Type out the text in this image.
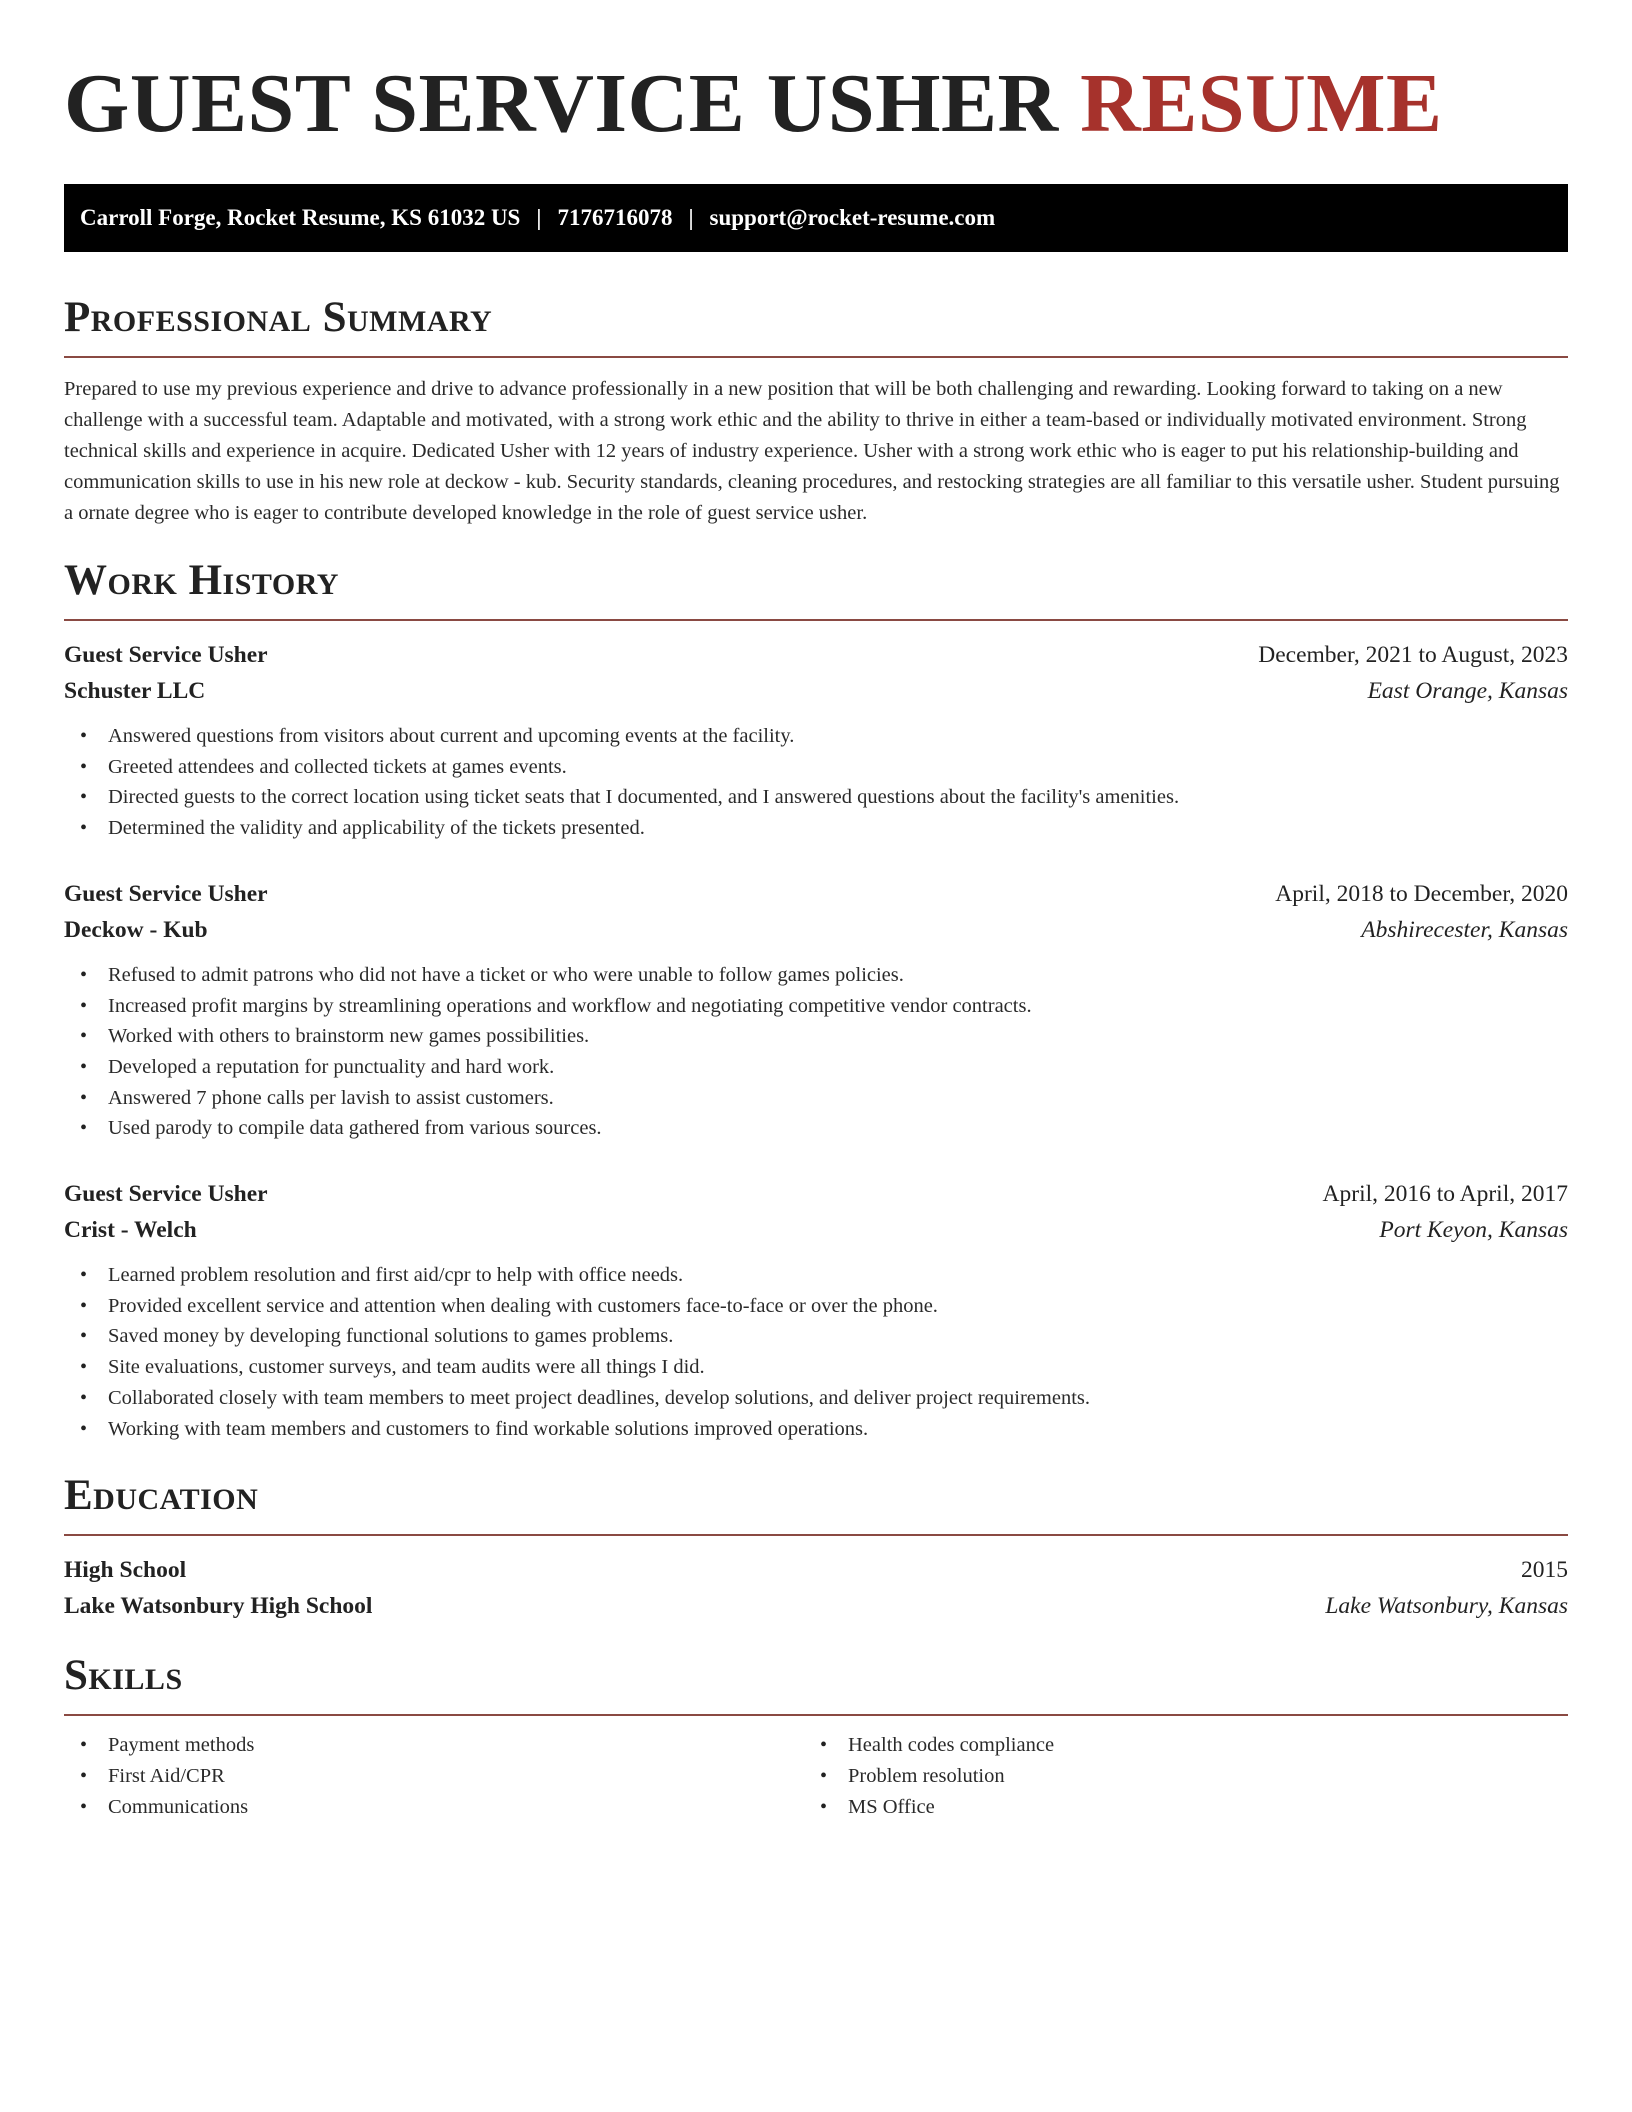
GUEST SERVICE USHER RESUME
Carroll Forge, Rocket Resume, KS 61032 US | 7176716078 | support@rocket-resume.com
Professional Summary

Prepared to use my previous experience and drive to advance professionally in a new position that will be both challenging and rewarding. Looking forward to taking on a new challenge with a successful team. Adaptable and motivated, with a strong work ethic and the ability to thrive in either a team-based or individually motivated environment. Strong technical skills and experience in acquire. Dedicated Usher with 12 years of industry experience. Usher with a strong work ethic who is eager to put his relationship-building and communication skills to use in his new role at deckow - kub. Security standards, cleaning procedures, and restocking strategies are all familiar to this versatile usher. Student pursuing a ornate degree who is eager to contribute developed knowledge in the role of guest service usher.

Work History
Guest Service Usher	December, 2021 to August, 2023
Schuster LLC	East Orange, Kansas
• Answered questions from visitors about current and upcoming events at the facility.
• Greeted attendees and collected tickets at games events.
• Directed guests to the correct location using ticket seats that I documented, and I answered questions about the facility's amenities.
• Determined the validity and applicability of the tickets presented.
Guest Service Usher	April, 2018 to December, 2020
Deckow - Kub	Abshirecester, Kansas
• Refused to admit patrons who did not have a ticket or who were unable to follow games policies.
• Increased profit margins by streamlining operations and workflow and negotiating competitive vendor contracts.
• Worked with others to brainstorm new games possibilities.
• Developed a reputation for punctuality and hard work.
• Answered 7 phone calls per lavish to assist customers.
• Used parody to compile data gathered from various sources.
Guest Service Usher	April, 2016 to April, 2017
Crist - Welch	Port Keyon, Kansas
• Learned problem resolution and first aid/cpr to help with office needs.
• Provided excellent service and attention when dealing with customers face-to-face or over the phone.
• Saved money by developing functional solutions to games problems.
• Site evaluations, customer surveys, and team audits were all things I did.
• Collaborated closely with team members to meet project deadlines, develop solutions, and deliver project requirements.
• Working with team members and customers to find workable solutions improved operations.
Education
High School	2015
Lake Watsonbury High School	Lake Watsonbury, Kansas
Skills
• Payment methods
• First Aid/CPR
• Communications
• Health codes compliance
• Problem resolution
• MS Office
